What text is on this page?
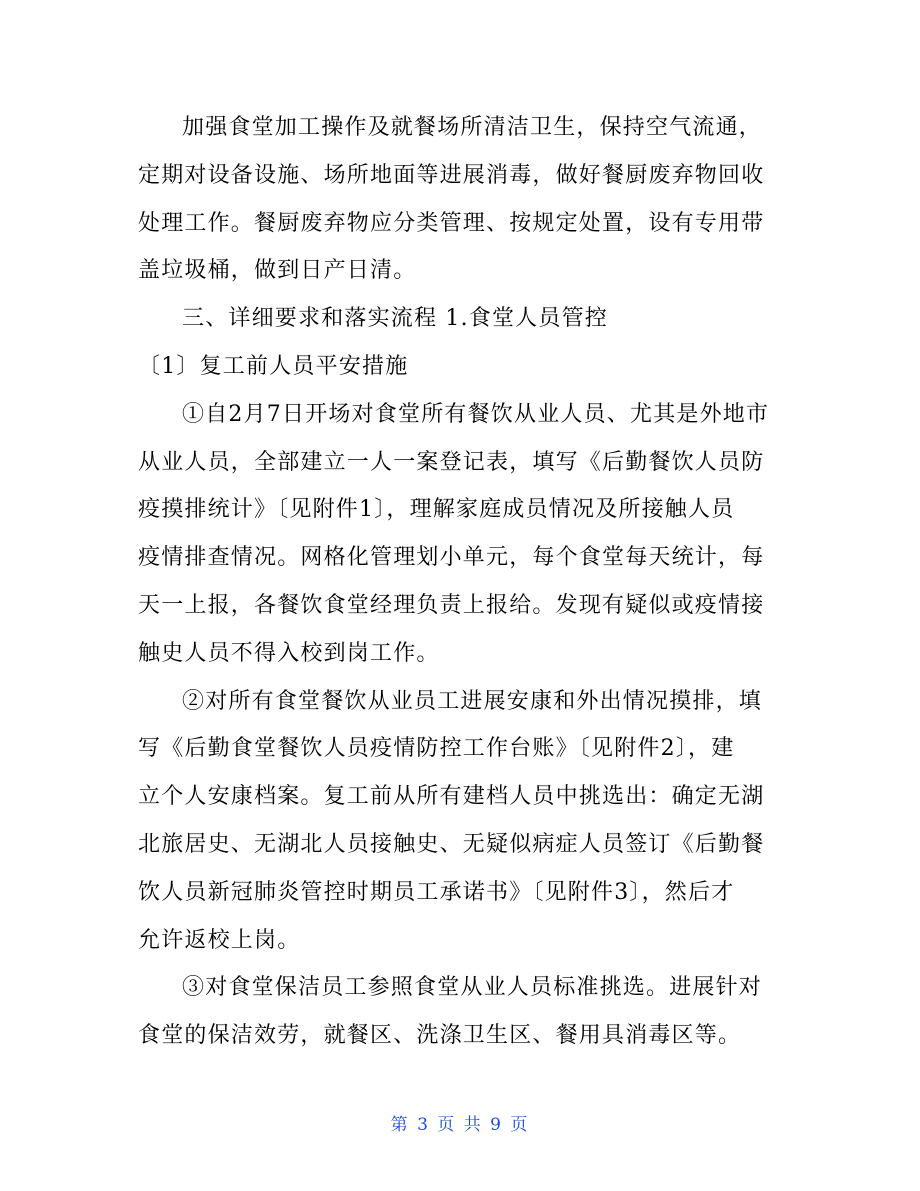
加强食堂加工操作及就餐场所清洁卫生，保持空气流通，
定期对设备设施、场所地面等进展消毒，做好餐厨废弃物回收
处理工作。餐厨废弃物应分类管理、按规定处置，设有专用带
盖垃圾桶，做到日产日清。
三、详细要求和落实流程 1.食堂人员管控
〔1〕复工前人员平安措施
①自2月7日开场对食堂所有餐饮从业人员、尤其是外地市
从业人员，全部建立一人一案登记表，填写《后勤餐饮人员防
疫摸排统计》〔见附件1〕，理解家庭成员情况及所接触人员
疫情排查情况。网格化管理划小单元，每个食堂每天统计，每
天一上报，各餐饮食堂经理负责上报给。发现有疑似或疫情接
触史人员不得入校到岗工作。
②对所有食堂餐饮从业员工进展安康和外出情况摸排，填
写《后勤食堂餐饮人员疫情防控工作台账》〔见附件2〕，建
立个人安康档案。复工前从所有建档人员中挑选出：确定无湖
北旅居史、无湖北人员接触史、无疑似病症人员签订《后勤餐
饮人员新冠肺炎管控时期员工承诺书》〔见附件3〕，然后才
允许返校上岗。
③对食堂保洁员工参照食堂从业人员标准挑选。进展针对
食堂的保洁效劳，就餐区、洗涤卫生区、餐用具消毒区等。
第 3 页 共 9 页
